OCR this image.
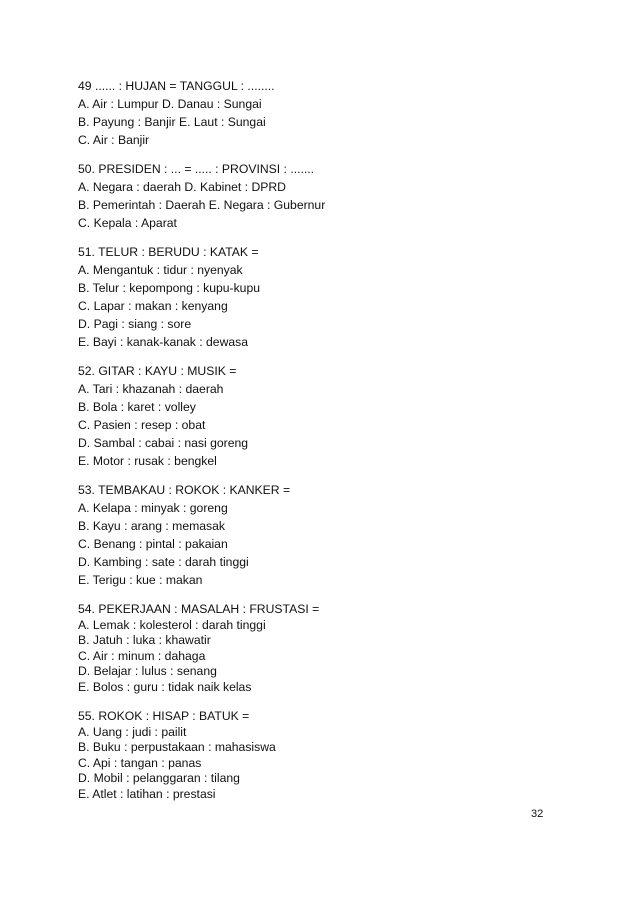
49 ...... : HUJAN = TANGGUL : ........
A. Air : Lumpur D. Danau : Sungai
B. Payung : Banjir E. Laut : Sungai
C. Air : Banjir
50. PRESIDEN : ... = ..... : PROVINSI : .......
A. Negara : daerah D. Kabinet : DPRD
B. Pemerintah : Daerah E. Negara : Gubernur
C. Kepala : Aparat
51. TELUR : BERUDU : KATAK =
A. Mengantuk : tidur : nyenyak
B. Telur : kepompong : kupu-kupu
C. Lapar : makan : kenyang
D. Pagi : siang : sore
E. Bayi : kanak-kanak : dewasa
52. GITAR : KAYU : MUSIK =
A. Tari : khazanah : daerah
B. Bola : karet : volley
C. Pasien : resep : obat
D. Sambal : cabai : nasi goreng
E. Motor : rusak : bengkel
53. TEMBAKAU : ROKOK : KANKER =
A. Kelapa : minyak : goreng
B. Kayu : arang : memasak
C. Benang : pintal : pakaian
D. Kambing : sate : darah tinggi
E. Terigu : kue : makan
54. PEKERJAAN : MASALAH : FRUSTASI =
A. Lemak : kolesterol : darah tinggi
B. Jatuh : luka : khawatir
C. Air : minum : dahaga
D. Belajar : lulus : senang
E. Bolos : guru : tidak naik kelas
55. ROKOK : HISAP : BATUK =
A. Uang : judi : pailit
B. Buku : perpustakaan : mahasiswa
C. Api : tangan : panas
D. Mobil : pelanggaran : tilang
E. Atlet : latihan : prestasi
32
